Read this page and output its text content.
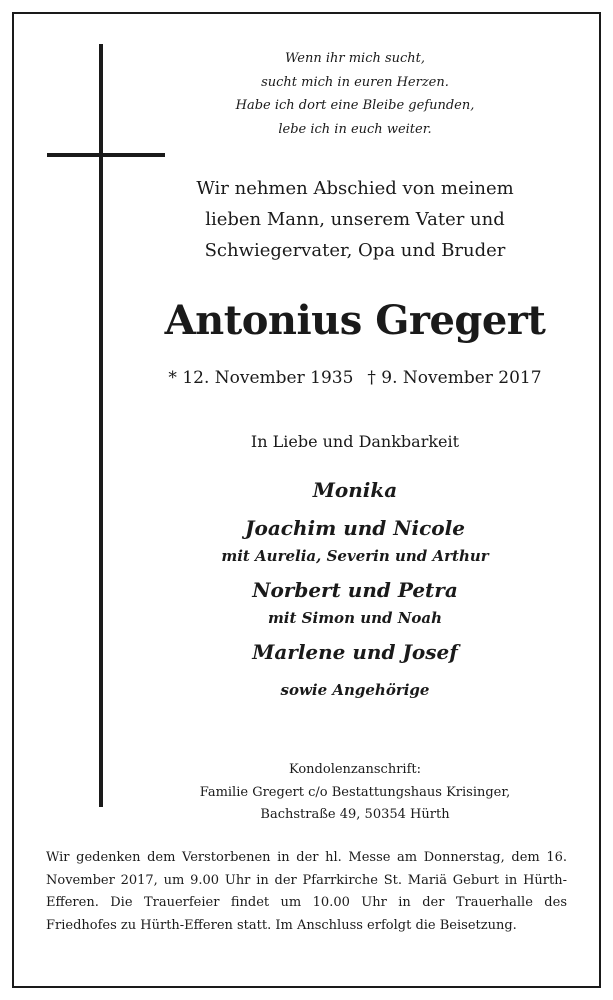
Wenn ihr mich sucht,
sucht mich in euren Herzen.
Habe ich dort eine Bleibe gefunden,
lebe ich in euch weiter.
Wir nehmen Abschied von meinem
lieben Mann, unserem Vater und
Schwiegervater, Opa und Bruder
Antonius Gregert
* 12. November 1935 † 9. November 2017
In Liebe und Dankbarkeit
Monika
Joachim und Nicole
mit Aurelia, Severin und Arthur
Norbert und Petra
mit Simon und Noah
Marlene und Josef
sowie Angehörige
Kondolenzanschrift:
Familie Gregert c/o Bestattungshaus Krisinger,
Bachstraße 49, 50354 Hürth
Wir gedenken dem Verstorbenen in der hl. Messe am Donnerstag, dem 16. November 2017, um 9.00 Uhr in der Pfarrkirche St. Mariä Geburt in Hürth-Efferen. Die Trauerfeier findet um 10.00 Uhr in der Trauerhalle des Friedhofes zu Hürth-Efferen statt. Im Anschluss erfolgt die Beisetzung.
